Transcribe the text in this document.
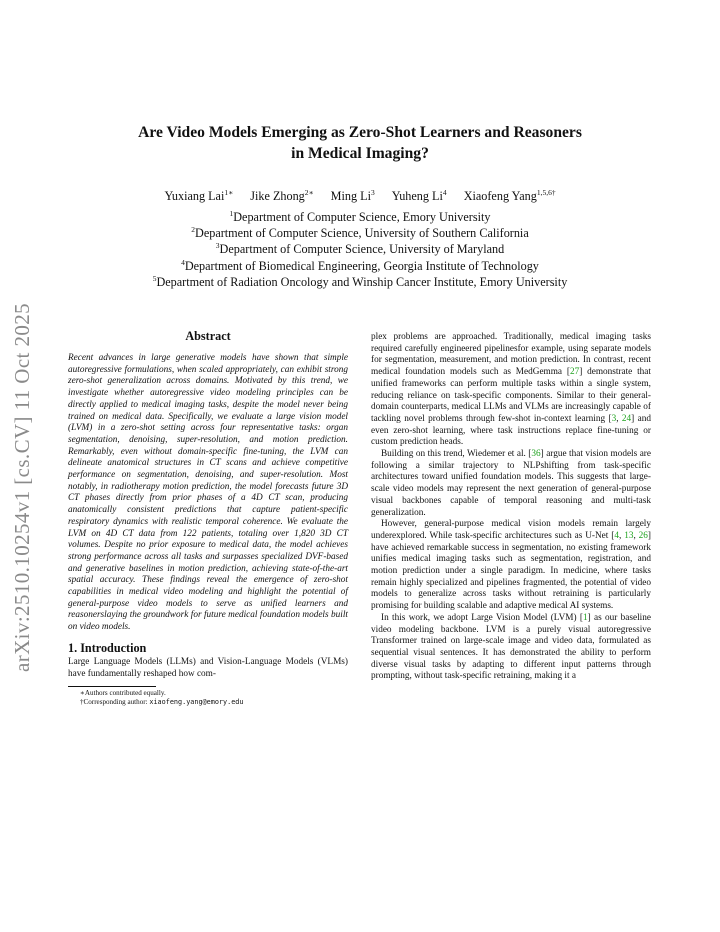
arXiv:2510.10254v1 [cs.CV] 11 Oct 2025
Are Video Models Emerging as Zero-Shot Learners and Reasoners
in Medical Imaging?
Yuxiang Lai$^{1∗}$ Jike Zhong$^{2∗}$ Ming Li$^3$ Yuheng Li$^4$ Xiaofeng Yang$^{1,5,6\dagger}$
$^1$Department of Computer Science, Emory University
$^2$Department of Computer Science, University of Southern California
$^3$Department of Computer Science, University of Maryland
$^4$Department of Biomedical Engineering, Georgia Institute of Technology
$^5$Department of Radiation Oncology and Winship Cancer Institute, Emory University
Abstract

Recent advances in large generative models have shown that simple autoregressive formulations, when scaled appropriately, can exhibit strong zero-shot generalization across domains. Motivated by this trend, we investigate whether autoregressive video modeling principles can be directly applied to medical imaging tasks, despite the model never being trained on medical data. Specifically, we evaluate a large vision model (LVM) in a zero-shot setting across four representative tasks: organ segmentation, denoising, super-resolution, and motion prediction. Remarkably, even without domain-specific fine-tuning, the LVM can delineate anatomical structures in CT scans and achieve competitive performance on segmentation, denoising, and super-resolution. Most notably, in radiotherapy motion prediction, the model forecasts future 3D CT phases directly from prior phases of a 4D CT scan, producing anatomically consistent predictions that capture patient-specific respiratory dynamics with realistic temporal coherence. We evaluate the LVM on 4D CT data from 122 patients, totaling over 1,820 3D CT volumes. Despite no prior exposure to medical data, the model achieves strong performance across all tasks and surpasses specialized DVF-based and generative baselines in motion prediction, achieving state-of-the-art spatial accuracy. These findings reveal the emergence of zero-shot capabilities in medical video modeling and highlight the potential of general-purpose video models to serve as unified learners and reasonerslaying the groundwork for future medical foundation models built on video models.

1. Introduction

Large Language Models (LLMs) and Vision-Language Models (VLMs) have fundamentally reshaped how com-

∗Authors contributed equally.

†Corresponding author: xiaofeng.yang@emory.edu

plex problems are approached. Traditionally, medical imaging tasks required carefully engineered pipelinesfor example, using separate models for segmentation, measurement, and motion prediction. In contrast, recent medical foundation models such as MedGemma [27] demonstrate that unified frameworks can perform multiple tasks within a single system, reducing reliance on task-specific components. Similar to their general-domain counterparts, medical LLMs and VLMs are increasingly capable of tackling novel problems through few-shot in-context learning [3, 24] and even zero-shot learning, where task instructions replace fine-tuning or custom prediction heads.

Building on this trend, Wiedemer et al. [36] argue that vision models are following a similar trajectory to NLPshifting from task-specific architectures toward unified foundation models. This suggests that large-scale video models may represent the next generation of general-purpose visual backbones capable of temporal reasoning and multi-task generalization.

However, general-purpose medical vision models remain largely underexplored. While task-specific architectures such as U-Net [4, 13, 26] have achieved remarkable success in segmentation, no existing framework unifies medical imaging tasks such as segmentation, registration, and motion prediction under a single paradigm. In medicine, where tasks remain highly specialized and pipelines fragmented, the potential of video models to generalize across tasks without retraining is particularly promising for building scalable and adaptive medical AI systems.

In this work, we adopt Large Vision Model (LVM) [1] as our baseline video modeling backbone. LVM is a purely visual autoregressive Transformer trained on large-scale image and video data, formulated as sequential visual sentences. It has demonstrated the ability to perform diverse visual tasks by adapting to different input patterns through prompting, without task-specific retraining, making it a
